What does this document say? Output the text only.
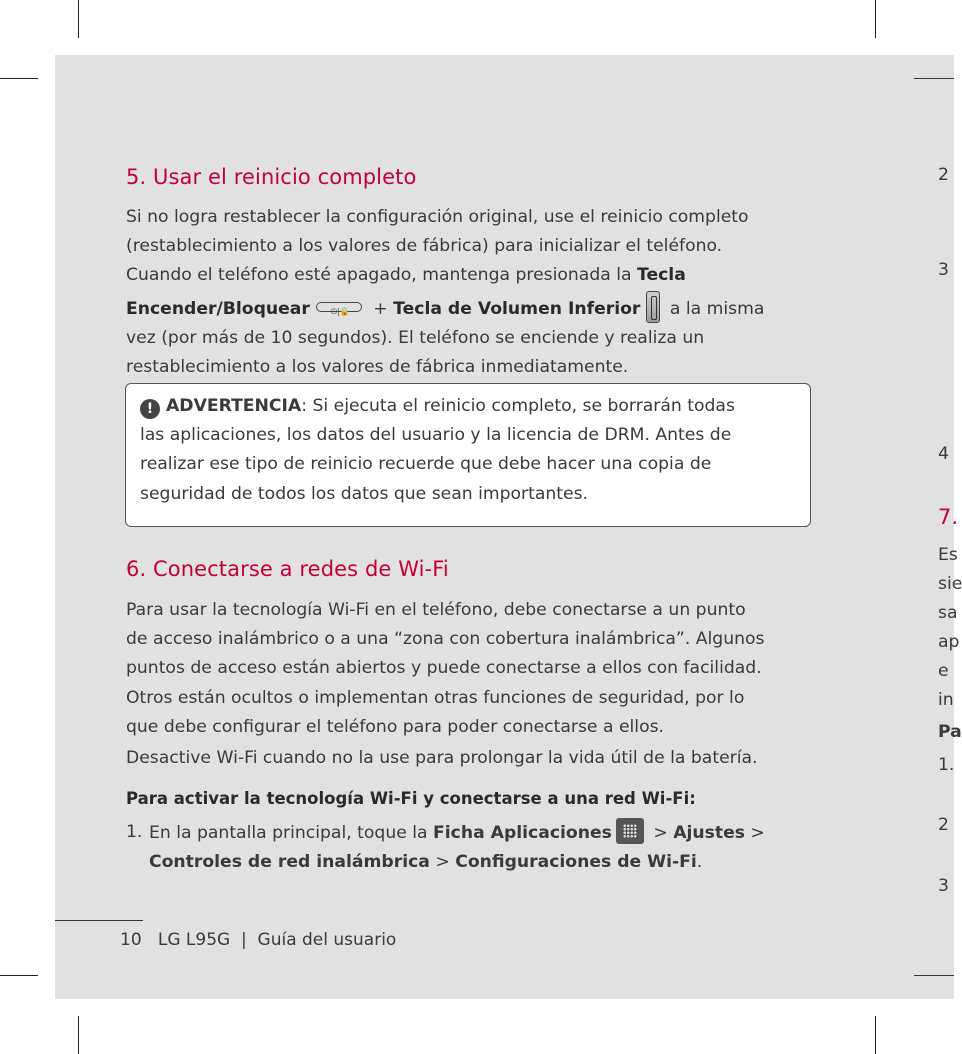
5. Usar el reinicio completo

Si no logra restablecer la configuración original, use el reinicio completo
(restablecimiento a los valores de fábrica) para inicializar el teléfono.
Cuando el teléfono esté apagado, mantenga presionada la Tecla
Encender/Bloquear	⏻|🔒 + Tecla de Volumen Inferior a la misma
vez (por más de 10 segundos). El teléfono se enciende y realiza un
restablecimiento a los valores de fábrica inmediatamente.

! ADVERTENCIA: Si ejecuta el reinicio completo, se borrarán todas
las aplicaciones, los datos del usuario y la licencia de DRM. Antes de
realizar ese tipo de reinicio recuerde que debe hacer una copia de
seguridad de todos los datos que sean importantes.

6. Conectarse a redes de Wi-Fi

Para usar la tecnología Wi-Fi en el teléfono, debe conectarse a un punto
de acceso inalámbrico o a una “zona con cobertura inalámbrica”. Algunos
puntos de acceso están abiertos y puede conectarse a ellos con facilidad.
Otros están ocultos o implementan otras funciones de seguridad, por lo
que debe configurar el teléfono para poder conectarse a ellos.

Desactive Wi-Fi cuando no la use para prolongar la vida útil de la batería.

Para activar la tecnología Wi-Fi y conectarse a una red Wi-Fi:

1. En la pantalla principal, toque la Ficha Aplicaciones > Ajustes >
Controles de red inalámbrica > Configuraciones de Wi-Fi.

10 LG L95G  |  Guía del usuario

2
3
4
7.
Es
sie
sa
ap
e
in
Pa
1.
2
3
